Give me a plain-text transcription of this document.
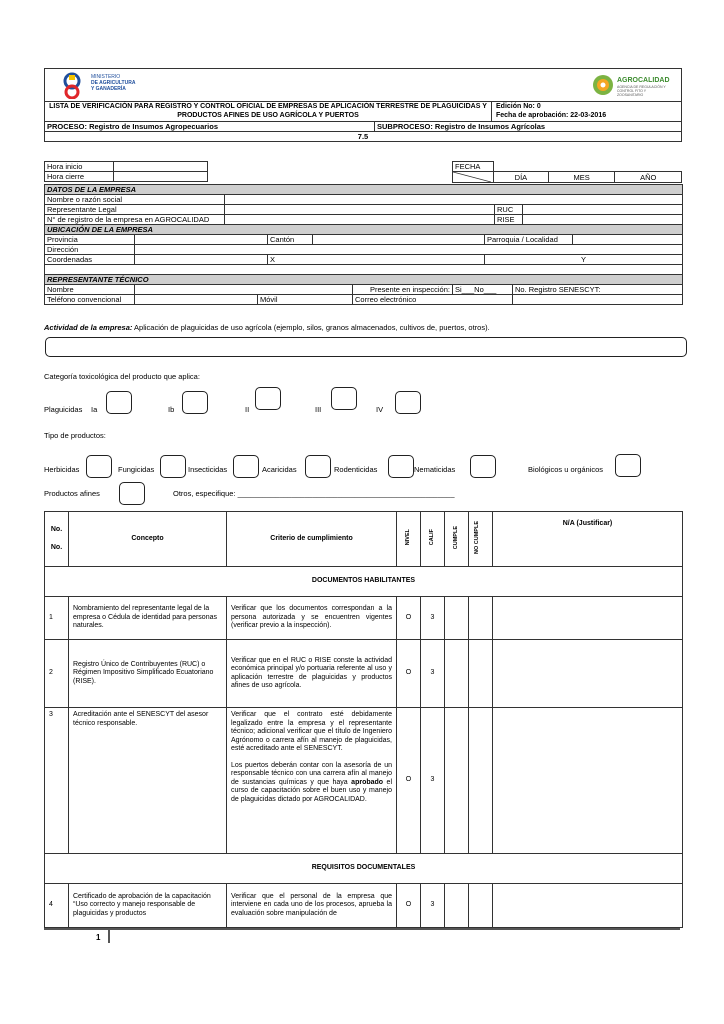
MINISTERIO
DE AGRICULTURA
Y GANADERÍA
AGROCALIDAD
AGENCIA DE REGULACIÓN Y
CONTROL FITO Y ZOOSANITARIO

LISTA DE VERIFICACIÓN PARA REGISTRO Y CONTROL OFICIAL DE EMPRESAS DE APLICACIÓN TERRESTRE DE PLAGUICIDAS Y PRODUCTOS AFINES DE USO AGRÍCOLA Y PUERTOS	
Edición No: 0
Fecha de aprobación: 22-03-2016
PROCESO: Registro de Insumos Agropecuarios	SUBPROCESO: Registro de Insumos Agrícolas
7.5
Hora inicio	
Hora cierre	
FECHA			

	DÍA	MES	AÑO
DATOS DE LA EMPRESA			
Nombre o razón social			
Representante Legal		RUC	
N° de registro de la empresa en AGROCALIDAD		RISE	
UBICACIÓN DE LA EMPRESA					
Provincia		Cantón		Parroquia / Localidad	
Dirección					
Coordenadas		X		Y	

REPRESENTANTE TÉCNICO					
Nombre			Presente en inspección:	Si___No___	No. Registro SENESCYT:
Teléfono convencional		Móvil	Correo electrónico		
Actividad de la empresa: Aplicación de plaguicidas de uso agrícola (ejemplo, silos, granos almacenados, cultivos de, puertos, otros).
Categoría toxicológica del producto que aplica:
Plaguicidas Ia	Ib	II	III	IV
Tipo de productos:
Herbicidas	Fungicidas	Insecticidas	Acaricidas	Rodenticidas	Nematicidas	Biológicos u orgánicos
Productos afines	Otros, especifique: ____________________________________________________
No.
No.	Concepto	Criterio de cumplimiento	NIVEL	CALIF	CUMPLE	NO CUMPLE	N/A (Justificar)
DOCUMENTOS HABILITANTES							
1	Nombramiento del representante legal de la empresa o Cédula de identidad para personas naturales.	Verificar que los documentos correspondan a la persona autorizada y se encuentren vigentes (verificar previo a la inspección).	O	3			
2	Registro Único de Contribuyentes (RUC) o Régimen Impositivo Simplificado Ecuatoriano (RISE).	Verificar que en el RUC o RISE conste la actividad económica principal y/o portuaria referente al uso y aplicación terrestre de plaguicidas y productos afines de uso agrícola.	O	3			
3	Acreditación ante el SENESCYT del asesor técnico responsable.	Verificar que el contrato esté debidamente legalizado entre la empresa y el representante técnico; adicional verificar que el título de Ingeniero Agrónomo o carrera afín al manejo de plaguicidas, esté acreditado ante el SENESCYT.
Los puertos deberán contar con la asesoría de un responsable técnico con una carrera afín al manejo de sustancias químicas y que haya aprobado el curso de capacitación sobre el buen uso y manejo de plaguicidas dictado por AGROCALIDAD.	O	3			
REQUISITOS DOCUMENTALES							
4	Certificado de aprobación de la capacitación “Uso correcto y manejo responsable de plaguicidas y productos	Verificar que el personal de la empresa que interviene en cada uno de los procesos, aprueba la evaluación sobre manipulación de	O	3			
1
